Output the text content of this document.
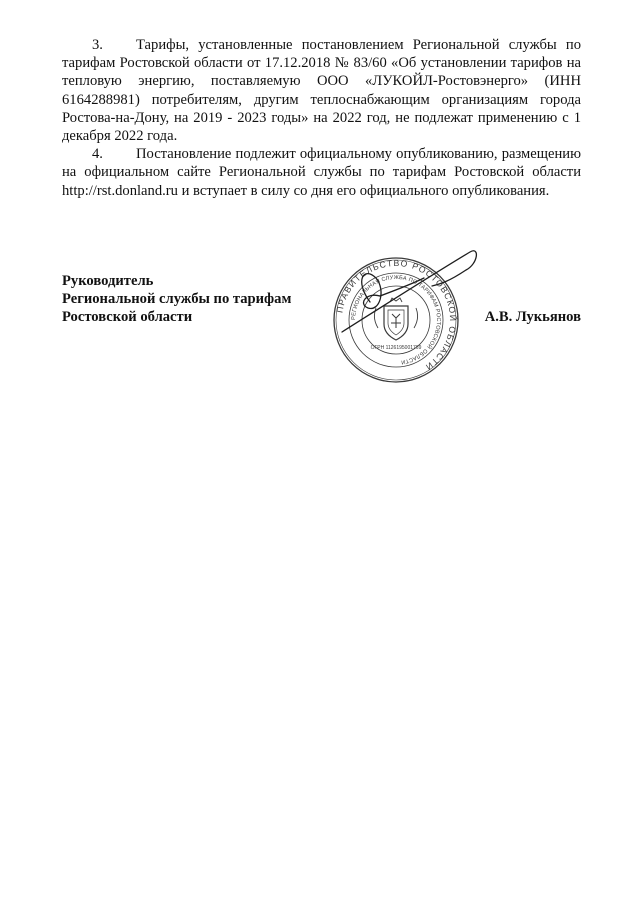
3. Тарифы, установленные постановлением Региональной службы по тарифам Ростовской области от 17.12.2018 № 83/60 «Об установлении тарифов на тепловую энергию, поставляемую ООО «ЛУКОЙЛ-Ростовэнерго» (ИНН 6164288981) потребителям, другим теплоснабжающим организациям города Ростова-на-Дону, на 2019 - 2023 годы» на 2022 год, не подлежат применению с 1 декабря 2022 года.

4. Постановление подлежит официальному опубликованию, размещению на официальном сайте Региональной службы по тарифам Ростовской области http://rst.donland.ru и вступает в силу со дня его официального опубликования.

Руководитель
Региональной службы по тарифам
Ростовской области	А.В. Лукьянов
ПРАВИТЕЛЬСТВО РОСТОВСКОЙ ОБЛАСТИ
РЕГИОНАЛЬНАЯ СЛУЖБА ПО ТАРИФАМ РОСТОВСКОЙ ОБЛАСТИ
ОГРН 1126195001769
